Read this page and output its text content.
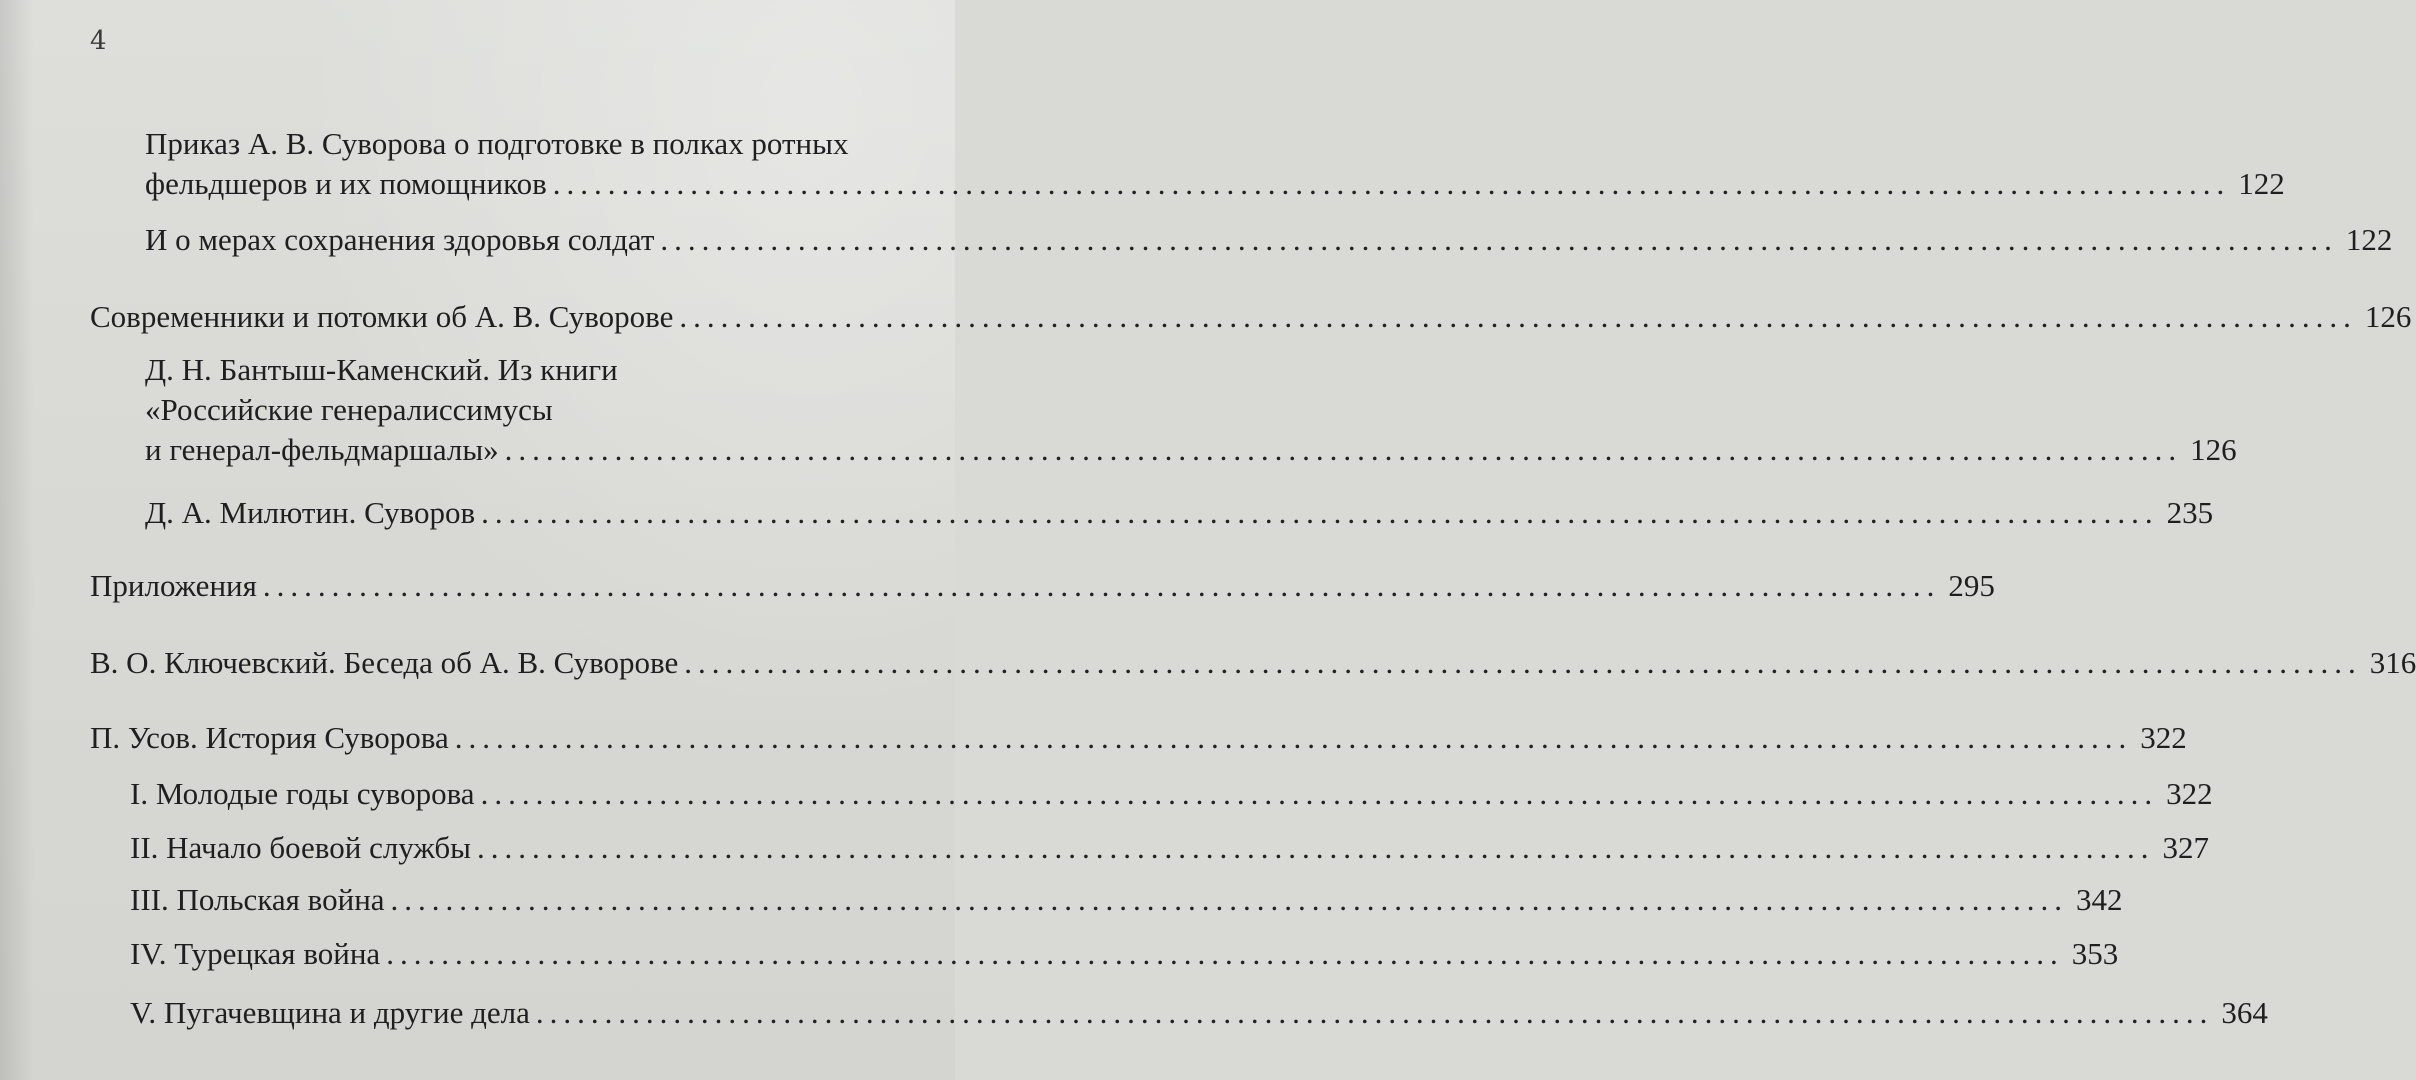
4
Приказ А. В. Суворова о подготовке в полках ротных
фельдшеров и их помощников .......................................................................................................................... 122
И о мерах сохранения здоровья солдат .......................................................................................................................... 122
Современники и потомки об А. В. Суворове .......................................................................................................................... 126
Д. Н. Бантыш-Каменский. Из книги
«Российские генералиссимусы
и генерал-фельдмаршалы» .......................................................................................................................... 126
Д. А. Милютин. Суворов .......................................................................................................................... 235
Приложения .......................................................................................................................... 295
В. О. Ключевский. Беседа об А. В. Суворове .......................................................................................................................... 316
П. Усов. История Суворова .......................................................................................................................... 322
I. Молодые годы суворова .......................................................................................................................... 322
II. Начало боевой службы .......................................................................................................................... 327
III. Польская война .......................................................................................................................... 342
IV. Турецкая война .......................................................................................................................... 353
V. Пугачевщина и другие дела .......................................................................................................................... 364
